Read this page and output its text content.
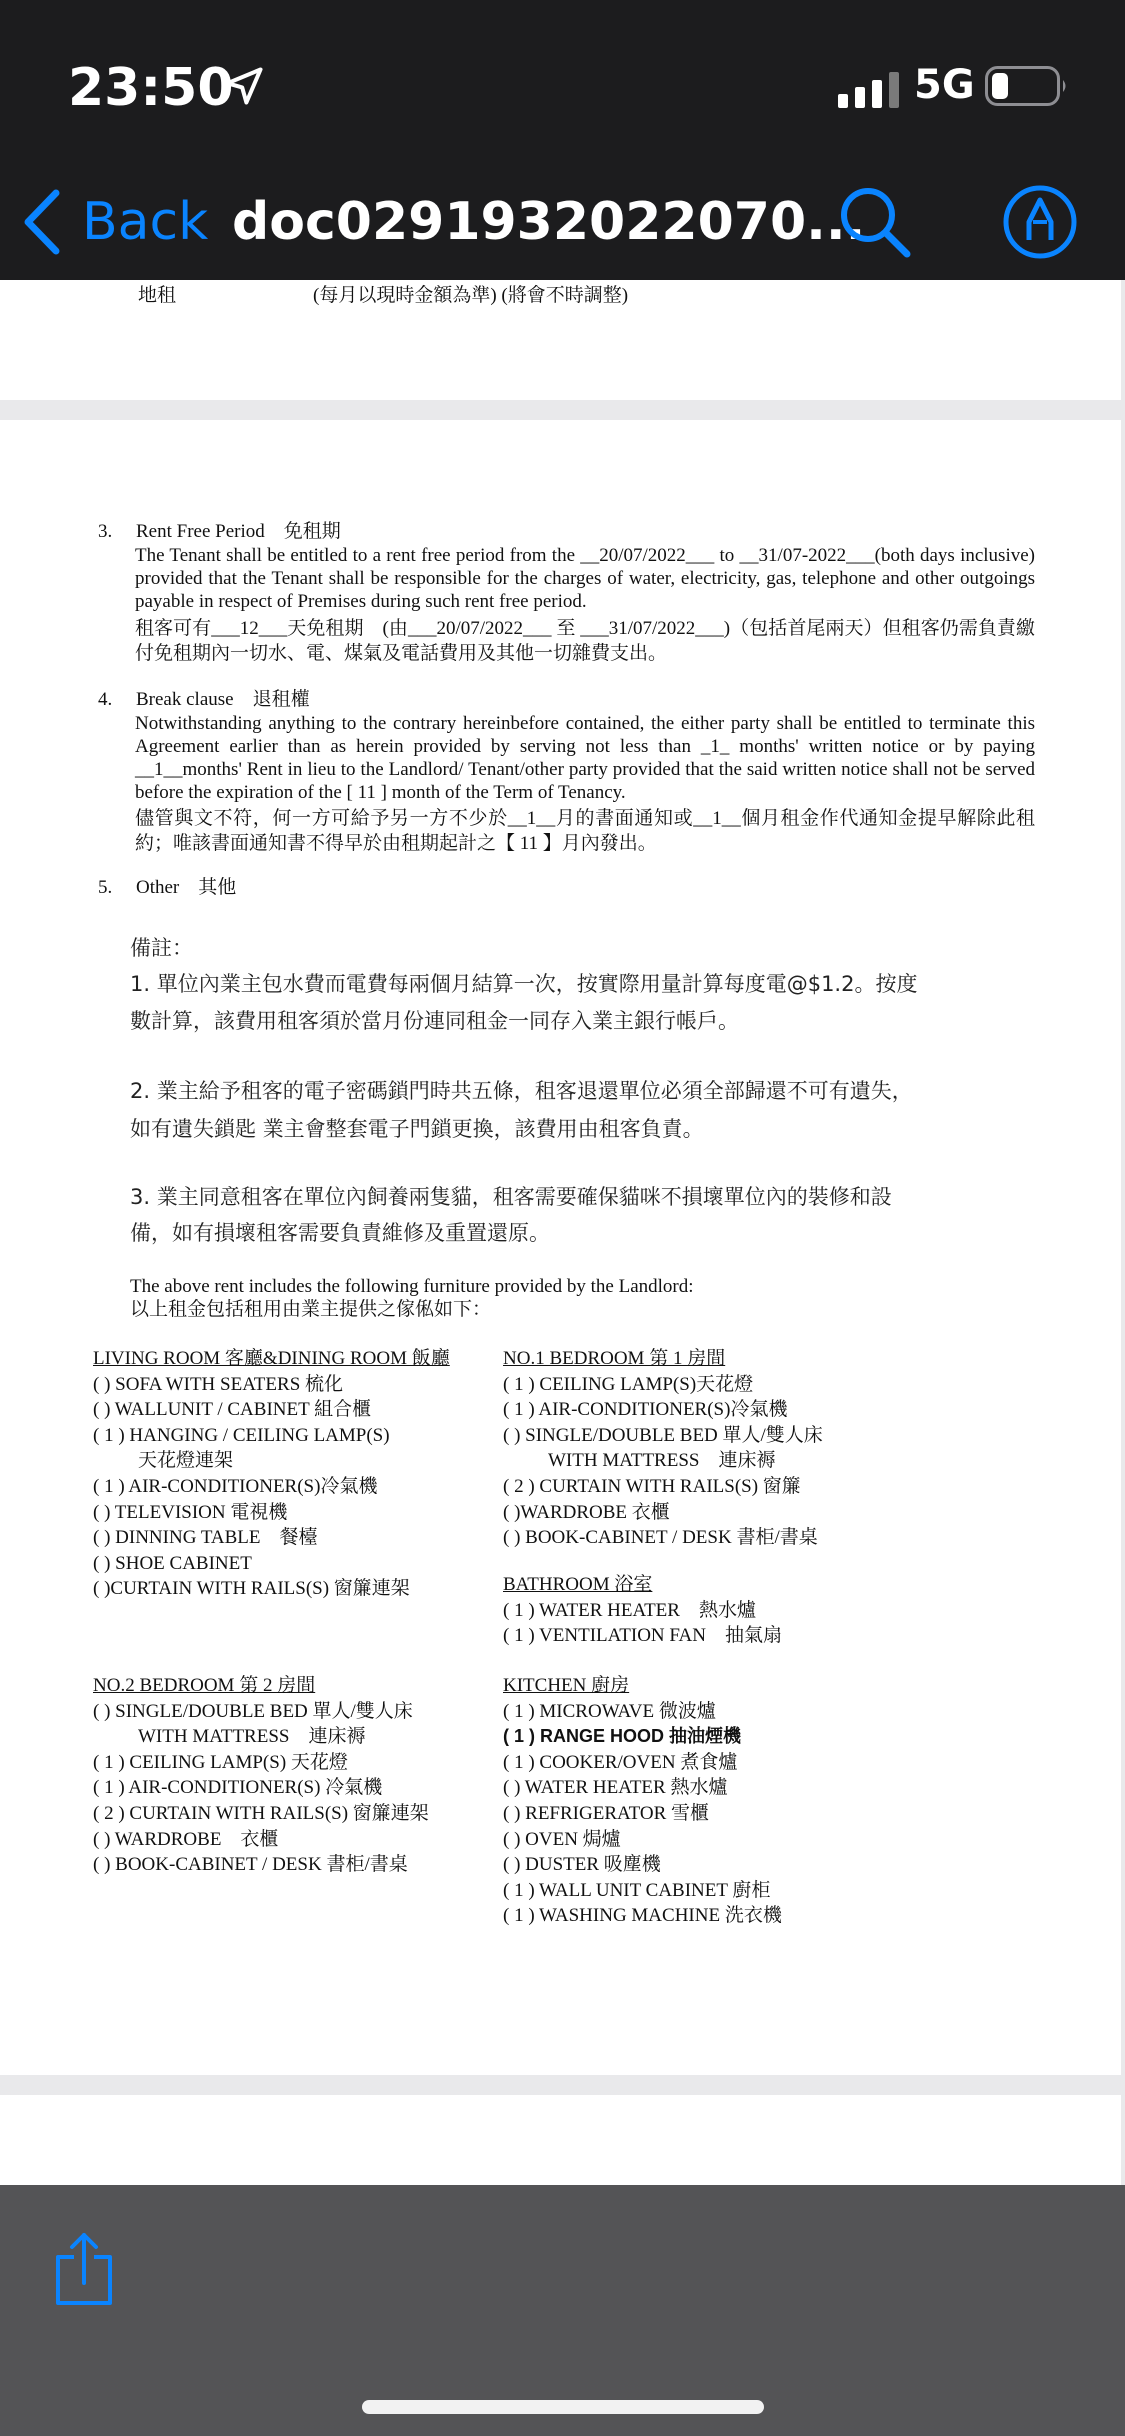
23:50	5G
Back doc0291932022070...
地租	(每月以現時金額為準) (將會不時調整)
3. Rent Free Period　免租期
The Tenant shall be entitled to a rent free period from the __20/07/2022___ to __31/07-2022___(both days inclusive) provided that the Tenant shall be responsible for the charges of water, electricity, gas, telephone and other outgoings payable in respect of Premises during such rent free period.
租客可有___12___天免租期　(由___20/07/2022___ 至 ___31/07/2022___)（包括首尾兩天）但租客仍需負責繳付免租期內一切水、電、煤氣及電話費用及其他一切雜費支出。
4. Break clause　退租權
Notwithstanding anything to the contrary hereinbefore contained, the either party shall be entitled to terminate this Agreement earlier than as herein provided by serving not less than _1_ months' written notice or by paying __1__months' Rent in lieu to the Landlord/ Tenant/other party provided that the said written notice shall not be served before the expiration of the [ 11 ] month of the Term of Tenancy.
儘管與文不符，何一方可給予另一方不少於__1__月的書面通知或__1__個月租金作代通知金提早解除此租約；唯該書面通知書不得早於由租期起計之【 11 】月內發出。
5. Other　其他
備註：
1. 單位內業主包水費而電費每兩個月結算一次，按實際用量計算每度電@$1.2。按度
數計算，該費用租客須於當月份連同租金一同存入業主銀行帳戶。
2. 業主給予租客的電子密碼鎖門時共五條，租客退還單位必須全部歸還不可有遺失，
如有遺失鎖匙 業主會整套電子門鎖更換，該費用由租客負責。
3. 業主同意租客在單位內飼養兩隻貓，租客需要確保貓咪不損壞單位內的裝修和設
備，如有損壞租客需要負責維修及重置還原。
The above rent includes the following furniture provided by the Landlord:
以上租金包括租用由業主提供之傢俬如下：
LIVING ROOM 客廳&DINING ROOM 飯廳
( ) SOFA WITH SEATERS 梳化
( ) WALLUNIT / CABINET 組合櫃
( 1 ) HANGING / CEILING LAMP(S)
天花燈連架
( 1 ) AIR-CONDITIONER(S)冷氣機
( ) TELEVISION 電視機
( ) DINNING TABLE　餐檯
( ) SHOE CABINET
( )CURTAIN WITH RAILS(S) 窗簾連架
NO.1 BEDROOM 第 1 房間
( 1 ) CEILING LAMP(S)天花燈
( 1 ) AIR-CONDITIONER(S)冷氣機
( ) SINGLE/DOUBLE BED 單人/雙人床
WITH MATTRESS　連床褥
( 2 ) CURTAIN WITH RAILS(S) 窗簾
( )WARDROBE 衣櫃
( ) BOOK-CABINET / DESK 書柜/書桌
BATHROOM 浴室
( 1 ) WATER HEATER　熱水爐
( 1 ) VENTILATION FAN　抽氣扇
NO.2 BEDROOM 第 2 房間
( ) SINGLE/DOUBLE BED 單人/雙人床
WITH MATTRESS　連床褥
( 1 ) CEILING LAMP(S) 天花燈
( 1 ) AIR-CONDITIONER(S) 冷氣機
( 2 ) CURTAIN WITH RAILS(S) 窗簾連架
( ) WARDROBE　衣櫃
( ) BOOK-CABINET / DESK 書柜/書桌
KITCHEN 廚房
( 1 ) MICROWAVE 微波爐
( 1 ) RANGE HOOD 抽油煙機
( 1 ) COOKER/OVEN 煮食爐
( ) WATER HEATER 熱水爐
( ) REFRIGERATOR 雪櫃
( ) OVEN 焗爐
( ) DUSTER 吸塵機
( 1 ) WALL UNIT CABINET 廚柜
( 1 ) WASHING MACHINE 洗衣機
